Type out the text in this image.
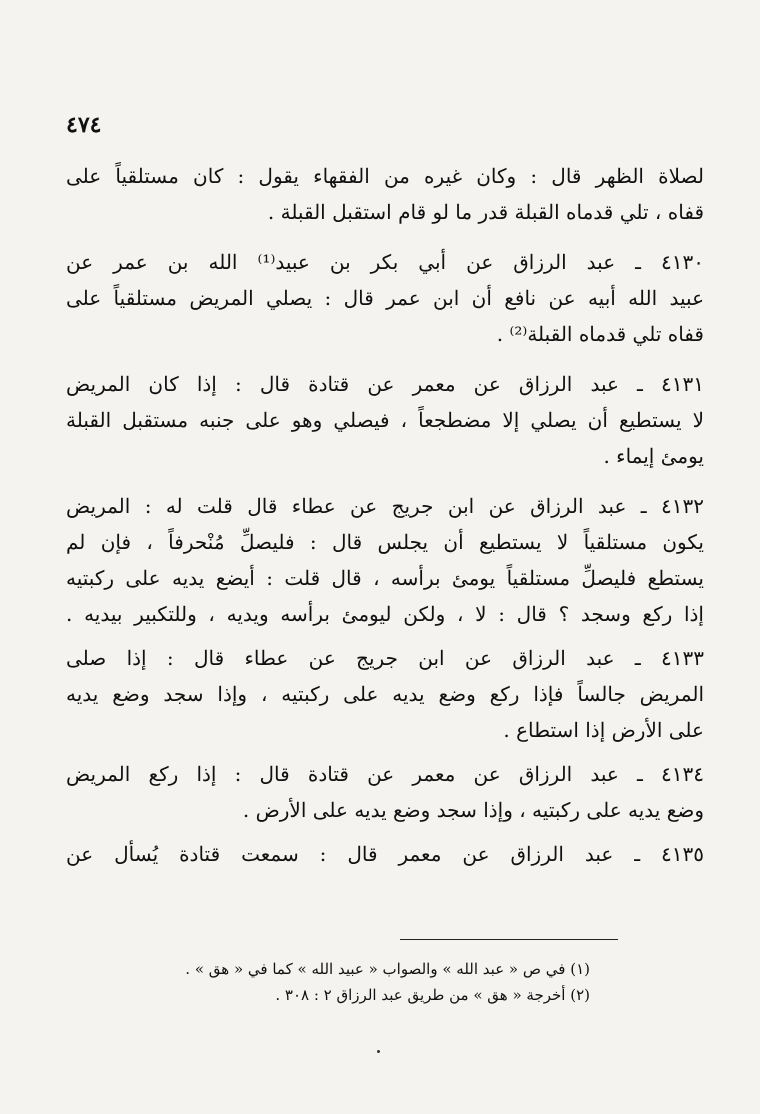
٤٧٤
لصلاة الظهر قال : وكان غيره من الفقهاء يقول : كان مستلقياً على
قفاه ، تلي قدماه القبلة قدر ما لو قام استقبل القبلة .
٤١٣٠ ـ عبد الرزاق عن أبي بكر بن عبيد⁽¹⁾ الله بن عمر عن
عبيد الله أبيه عن نافع أن ابن عمر قال : يصلي المريض مستلقياً على
قفاه تلي قدماه القبلة⁽²⁾ .
٤١٣١ ـ عبد الرزاق عن معمر عن قتادة قال : إذا كان المريض
لا يستطيع أن يصلي إلا مضطجعاً ، فيصلي وهو على جنبه مستقبل القبلة
يومئ إيماء .
٤١٣٢ ـ عبد الرزاق عن ابن جريج عن عطاء قال قلت له : المريض
يكون مستلقياً لا يستطيع أن يجلس قال : فليصلِّ مُنْحرفاً ، فإن لم
يستطع فليصلِّ مستلقياً يومئ برأسه ، قال قلت : أيضع يديه على ركبتيه
إذا ركع وسجد ؟ قال : لا ، ولكن ليومئ برأسه ويديه ، وللتكبير بيديه .
٤١٣٣ ـ عبد الرزاق عن ابن جريج عن عطاء قال : إذا صلى
المريض جالساً فإذا ركع وضع يديه على ركبتيه ، وإذا سجد وضع يديه
على الأرض إذا استطاع .
٤١٣٤ ـ عبد الرزاق عن معمر عن قتادة قال : إذا ركع المريض
وضع يديه على ركبتيه ، وإذا سجد وضع يديه على الأرض .
٤١٣٥ ـ عبد الرزاق عن معمر قال : سمعت قتادة يُسأل عن
(١) في ص « عبد الله » والصواب « عبيد الله » كما في « هق » .
(٢) أخرجة « هق » من طريق عبد الرزاق ٢ : ٣٠٨ .
